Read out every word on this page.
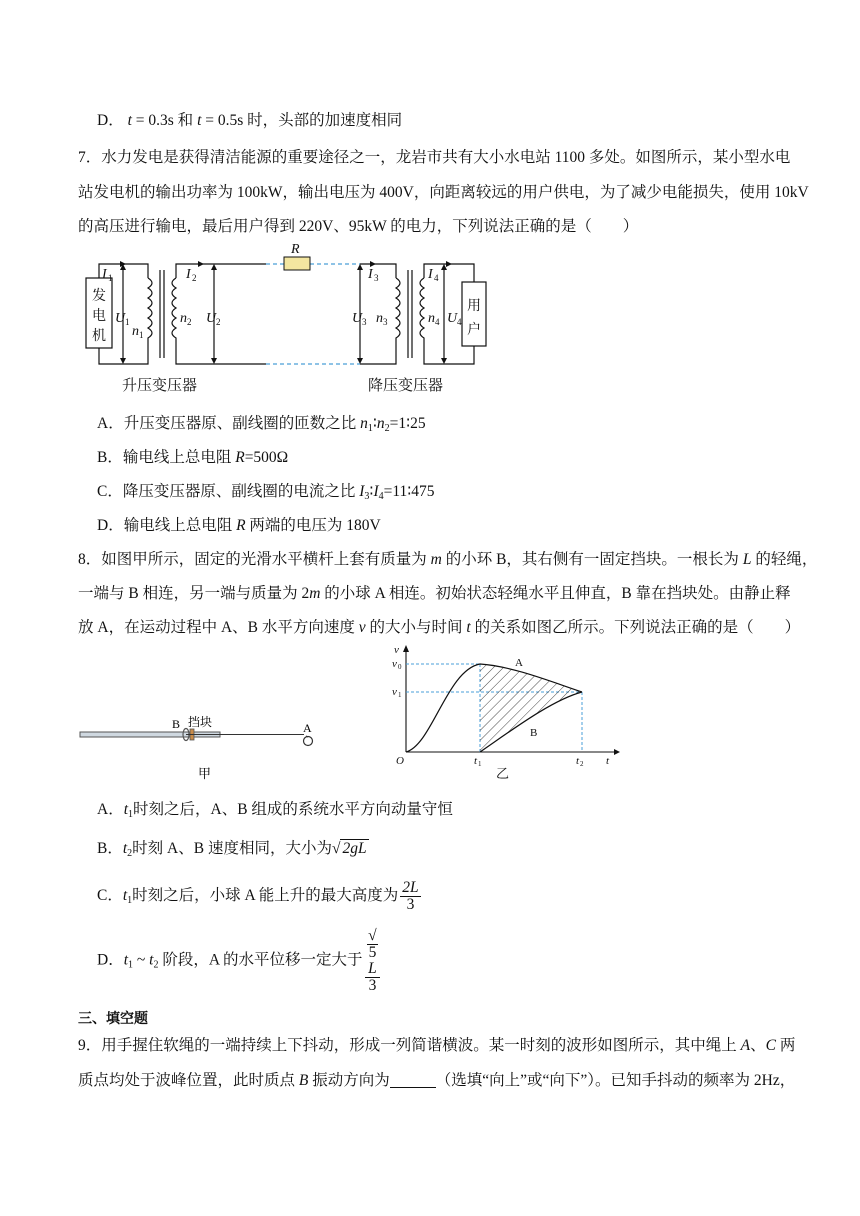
D． t = 0.3s 和 t = 0.5s 时，头部的加速度相同
7．水力发电是获得清洁能源的重要途径之一，龙岩市共有大小水电站 1100 多处。如图所示，某小型水电
站发电机的输出功率为 100kW，输出电压为 400V，向距离较远的用户供电，为了减少电能损失，使用 10kV
的高压进行输电，最后用户得到 220V、95kW 的电力，下列说法正确的是（　　）
发
电
机
用
户
R
I 1	I 2	I 3	I 4
U 1	U 2	U 3	U 4
n 1
n 2	n 3	n 4
升压变压器	降压变压器
A．升压变压器原、副线圈的匝数之比 $n_1∶n_2=1∶25$
B．输电线上总电阻 R=500Ω
C．降压变压器原、副线圈的电流之比 $I_3∶I_4=11∶475$
D．输电线上总电阻 R 两端的电压为 180V
8．如图甲所示，固定的光滑水平横杆上套有质量为 m 的小环 B，其右侧有一固定挡块。一根长为 L 的轻绳，
一端与 B 相连，另一端与质量为 2m 的小球 A 相连。初始状态轻绳水平且伸直，B 靠在挡块处。由静止释
放 A，在运动过程中 A、B 水平方向速度 v 的大小与时间 t 的关系如图乙所示。下列说法正确的是（　　）
B 挡块	A
甲
v
t
O
v 0
v 1
t 1	t 2
A
B
乙
A．$t_1$时刻之后，A、B 组成的系统水平方向动量守恒
B．$t_2$时刻 A、B 速度相同，大小为√ 2gL
C．$t_1$时刻之后，小球 A 能上升的最大高度为 $\frac{2L}{3}$
D．$t_1$ ~ $t_2$ 阶段，A 的水平位移一定大于 √
5
L
3
三、填空题
9．用手握住软绳的一端持续上下抖动，形成一列简谐横波。某一时刻的波形如图所示，其中绳上 A、C 两
质点均处于波峰位置，此时质点 B 振动方向为	（选填“向上”或“向下”）。已知手抖动的频率为 2Hz，
